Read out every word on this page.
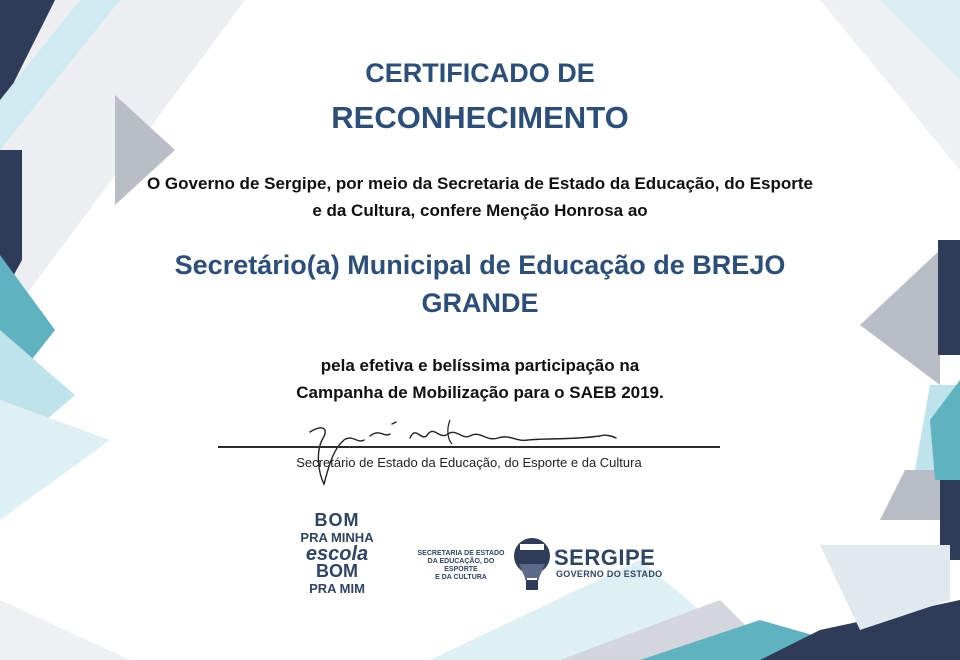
CERTIFICADO DE
RECONHECIMENTO
O Governo de Sergipe, por meio da Secretaria de Estado da Educação, do Esporte
e da Cultura, confere Menção Honrosa ao
Secretário(a) Municipal de Educação de BREJO
GRANDE
pela efetiva e belíssima participação na
Campanha de Mobilização para o SAEB 2019.
Secretário de Estado da Educação, do Esporte e da Cultura
BOM
PRA MINHA
escola
BOM
PRA MIM
SECRETARIA DE ESTADO
DA EDUCAÇÃO, DO ESPORTE
E DA CULTURA
SERGIPE
GOVERNO DO ESTADO
